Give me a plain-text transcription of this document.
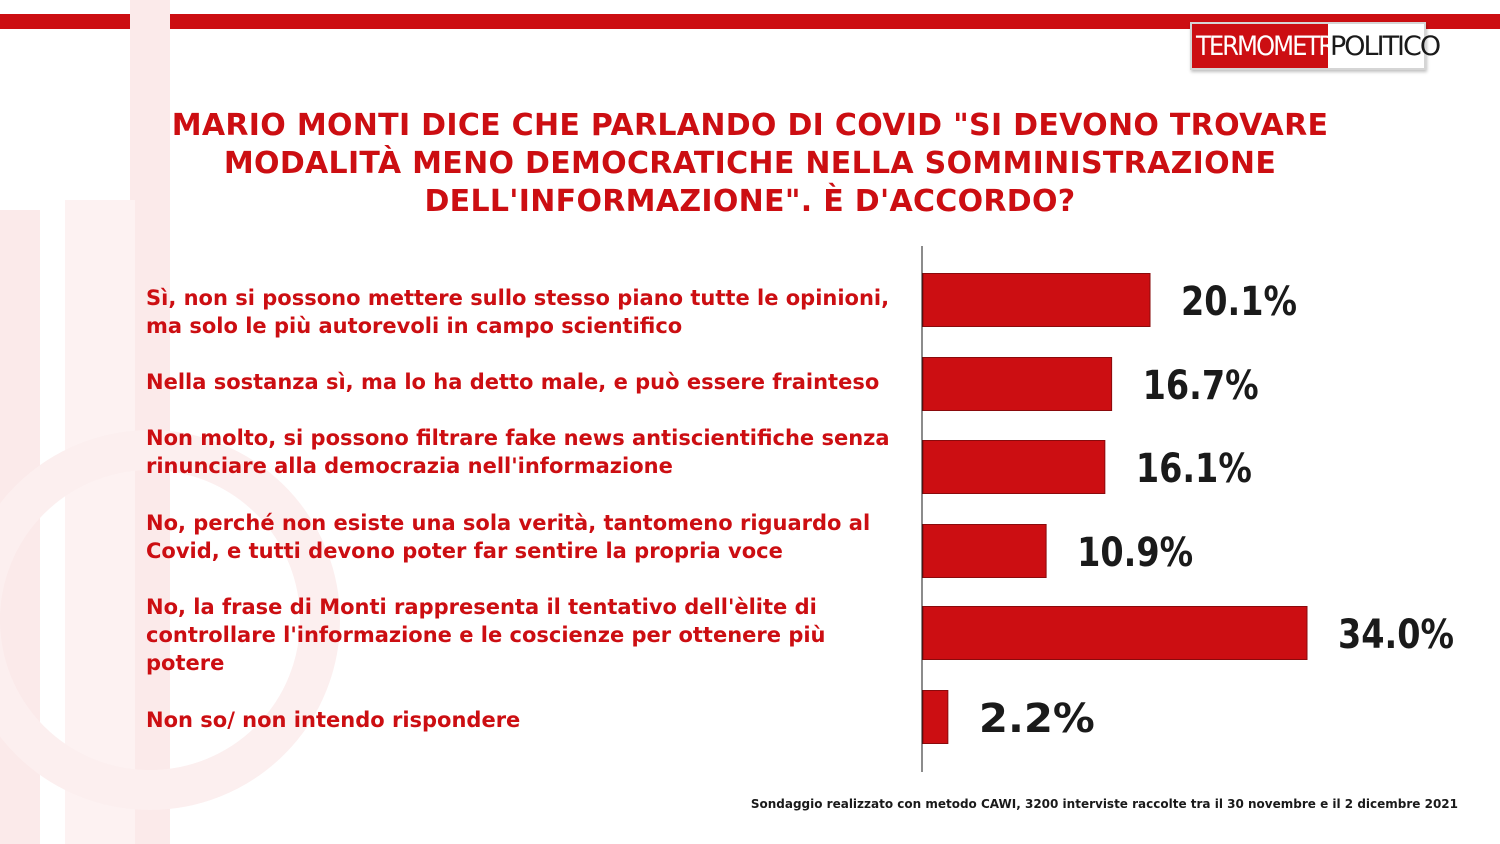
TERMOMETRO
POLITICO
MARIO MONTI DICE CHE PARLANDO DI COVID "SI DEVONO TROVARE MODALITÀ MENO DEMOCRATICHE NELLA SOMMINISTRAZIONE DELL'INFORMAZIONE". È D'ACCORDO?
Sì, non si possono mettere sullo stesso piano tutte le opinioni, ma solo le più autorevoli in campo scientifico
Nella sostanza sì, ma lo ha detto male, e può essere frainteso
Non molto, si possono filtrare fake news antiscientifiche senza rinunciare alla democrazia nell'informazione
No, perché non esiste una sola verità, tantomeno riguardo al Covid, e tutti devono poter far sentire la propria voce
No, la frase di Monti rappresenta il tentativo dell'èlite di controllare l'informazione e le coscienze per ottenere più potere
Non so/ non intendo rispondere
20.1%
16.7%
16.1%
10.9%
34.0%
2.2%
Sondaggio realizzato con metodo CAWI, 3200 interviste raccolte tra il 30 novembre e il 2 dicembre 2021
